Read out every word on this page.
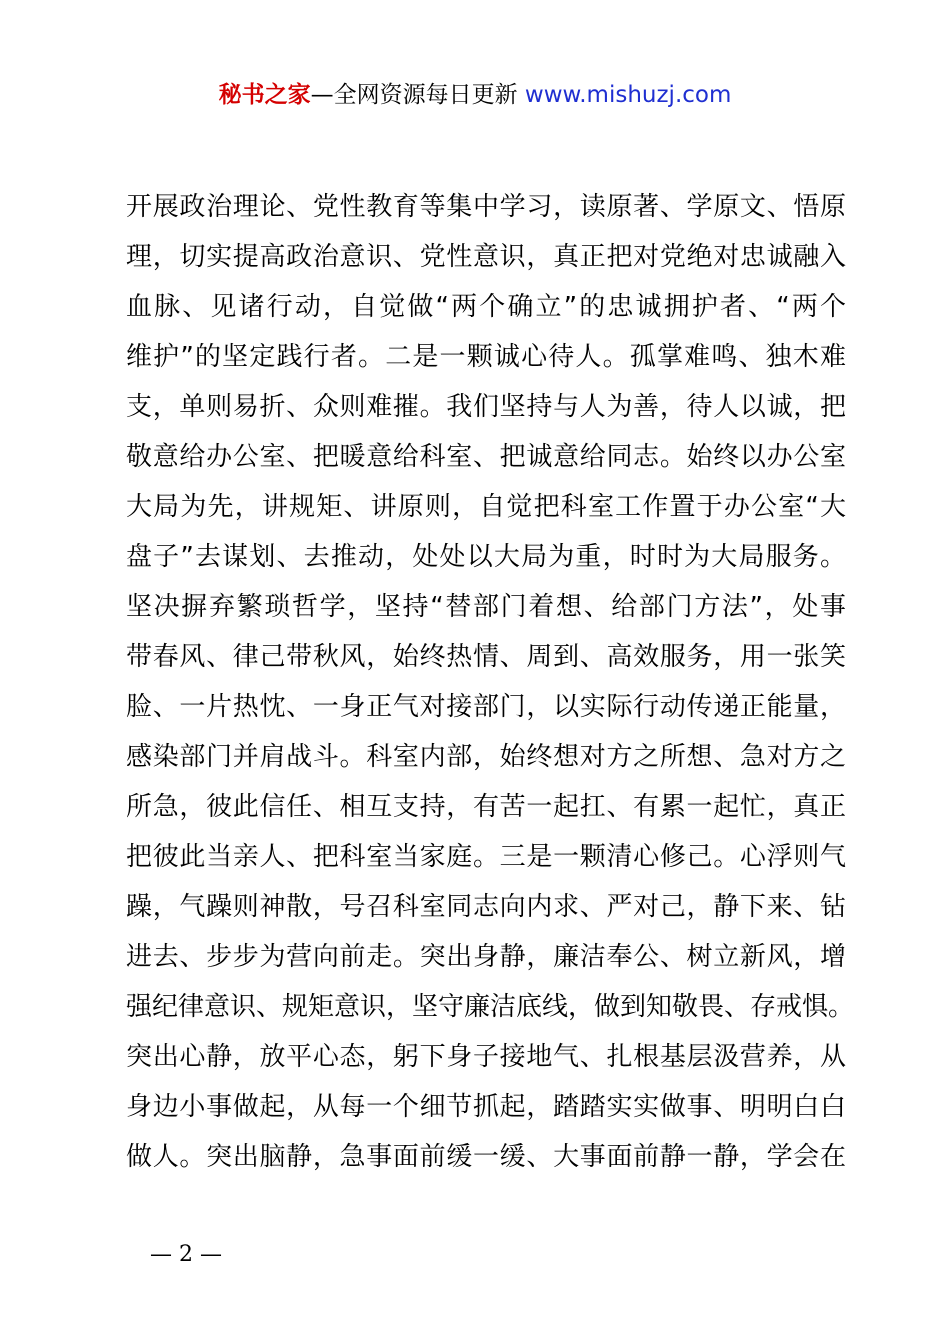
秘书之家—全网资源每日更新 www.mishuzj.com
开展政治理论、党性教育等集中学习，读原著、学原文、悟原
理，切实提高政治意识、党性意识，真正把对党绝对忠诚融入
血脉、见诸行动，自觉做“两个确立”的忠诚拥护者、“两个
维护”的坚定践行者。二是一颗诚心待人。孤掌难鸣、独木难
支，单则易折、众则难摧。我们坚持与人为善，待人以诚，把
敬意给办公室、把暖意给科室、把诚意给同志。始终以办公室
大局为先，讲规矩、讲原则，自觉把科室工作置于办公室“大
盘子”去谋划、去推动，处处以大局为重，时时为大局服务。
坚决摒弃繁琐哲学，坚持“替部门着想、给部门方法”，处事
带春风、律己带秋风，始终热情、周到、高效服务，用一张笑
脸、一片热忱、一身正气对接部门，以实际行动传递正能量，
感染部门并肩战斗。科室内部，始终想对方之所想、急对方之
所急，彼此信任、相互支持，有苦一起扛、有累一起忙，真正
把彼此当亲人、把科室当家庭。三是一颗清心修己。心浮则气
躁，气躁则神散，号召科室同志向内求、严对己，静下来、钻
进去、步步为营向前走。突出身静，廉洁奉公、树立新风，增
强纪律意识、规矩意识，坚守廉洁底线，做到知敬畏、存戒惧。
突出心静，放平心态，躬下身子接地气、扎根基层汲营养，从
身边小事做起，从每一个细节抓起，踏踏实实做事、明明白白
做人。突出脑静，急事面前缓一缓、大事面前静一静，学会在
— 2 —
